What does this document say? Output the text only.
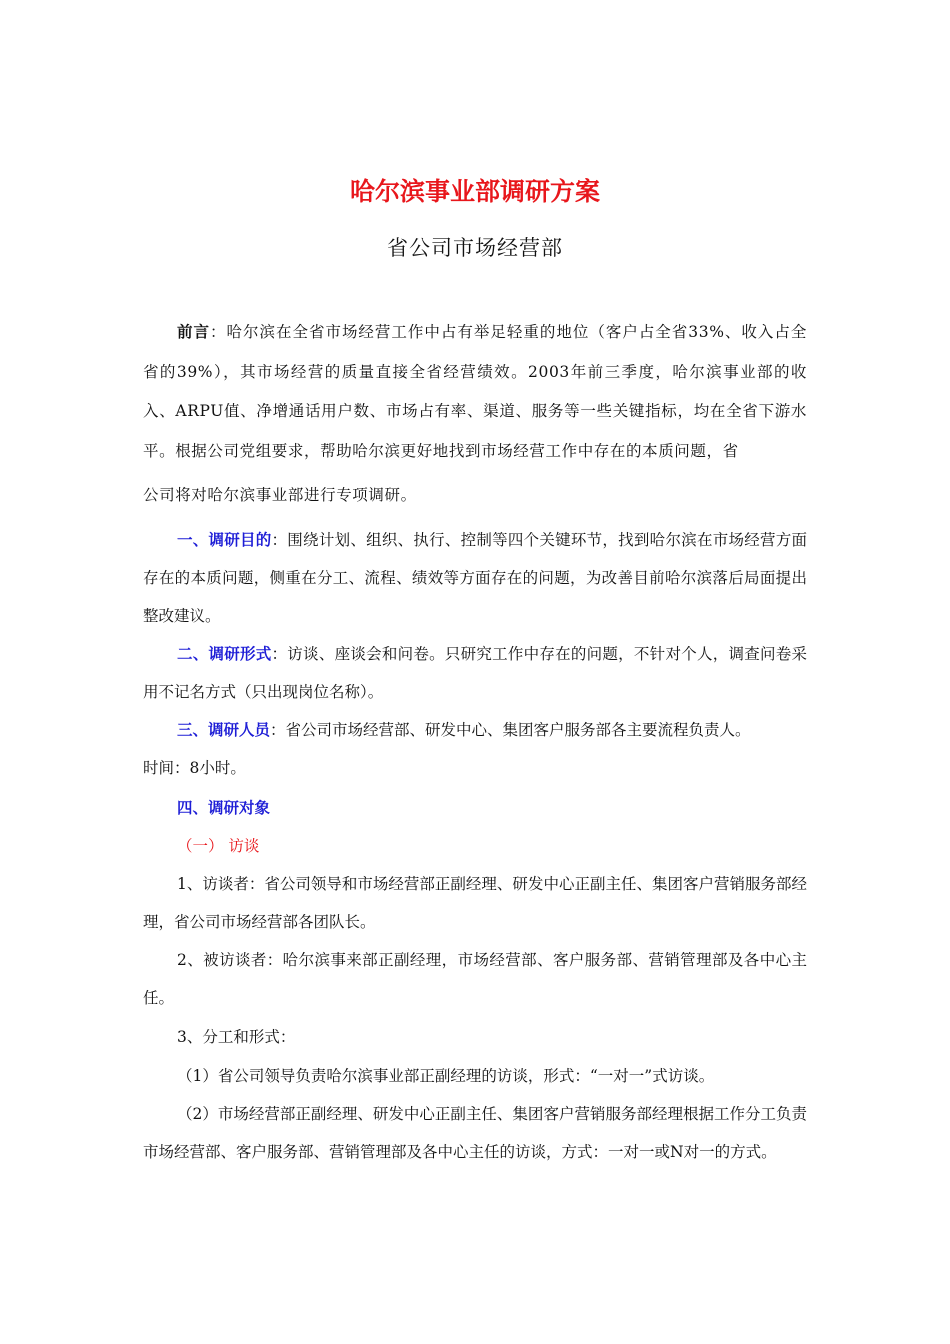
哈尔滨事业部调研方案
省公司市场经营部

前言：哈尔滨在全省市场经营工作中占有举足轻重的地位（客户占全省33%、收入占全省的39%），其市场经营的质量直接全省经营绩效。2003年前三季度，哈尔滨事业部的收入、ARPU值、净增通话用户数、市场占有率、渠道、服务等一些关键指标，均在全省下游水平。根据公司党组要求，帮助哈尔滨更好地找到市场经营工作中存在的本质问题，省

公司将对哈尔滨事业部进行专项调研。

一、调研目的：围绕计划、组织、执行、控制等四个关键环节，找到哈尔滨在市场经营方面存在的本质问题，侧重在分工、流程、绩效等方面存在的问题，为改善目前哈尔滨落后局面提出整改建议。

二、调研形式：访谈、座谈会和问卷。只研究工作中存在的问题，不针对个人，调查问卷采用不记名方式（只出现岗位名称）。

三、调研人员：省公司市场经营部、研发中心、集团客户服务部各主要流程负责人。

时间：8小时。

四、调研对象

（一） 访谈

1、访谈者：省公司领导和市场经营部正副经理、研发中心正副主任、集团客户营销服务部经理，省公司市场经营部各团队长。

2、被访谈者：哈尔滨事来部正副经理，市场经营部、客户服务部、营销管理部及各中心主任。

3、分工和形式：

（1）省公司领导负责哈尔滨事业部正副经理的访谈，形式：“一对一”式访谈。

（2）市场经营部正副经理、研发中心正副主任、集团客户营销服务部经理根据工作分工负责市场经营部、客户服务部、营销管理部及各中心主任的访谈，方式：一对一或N对一的方式。
